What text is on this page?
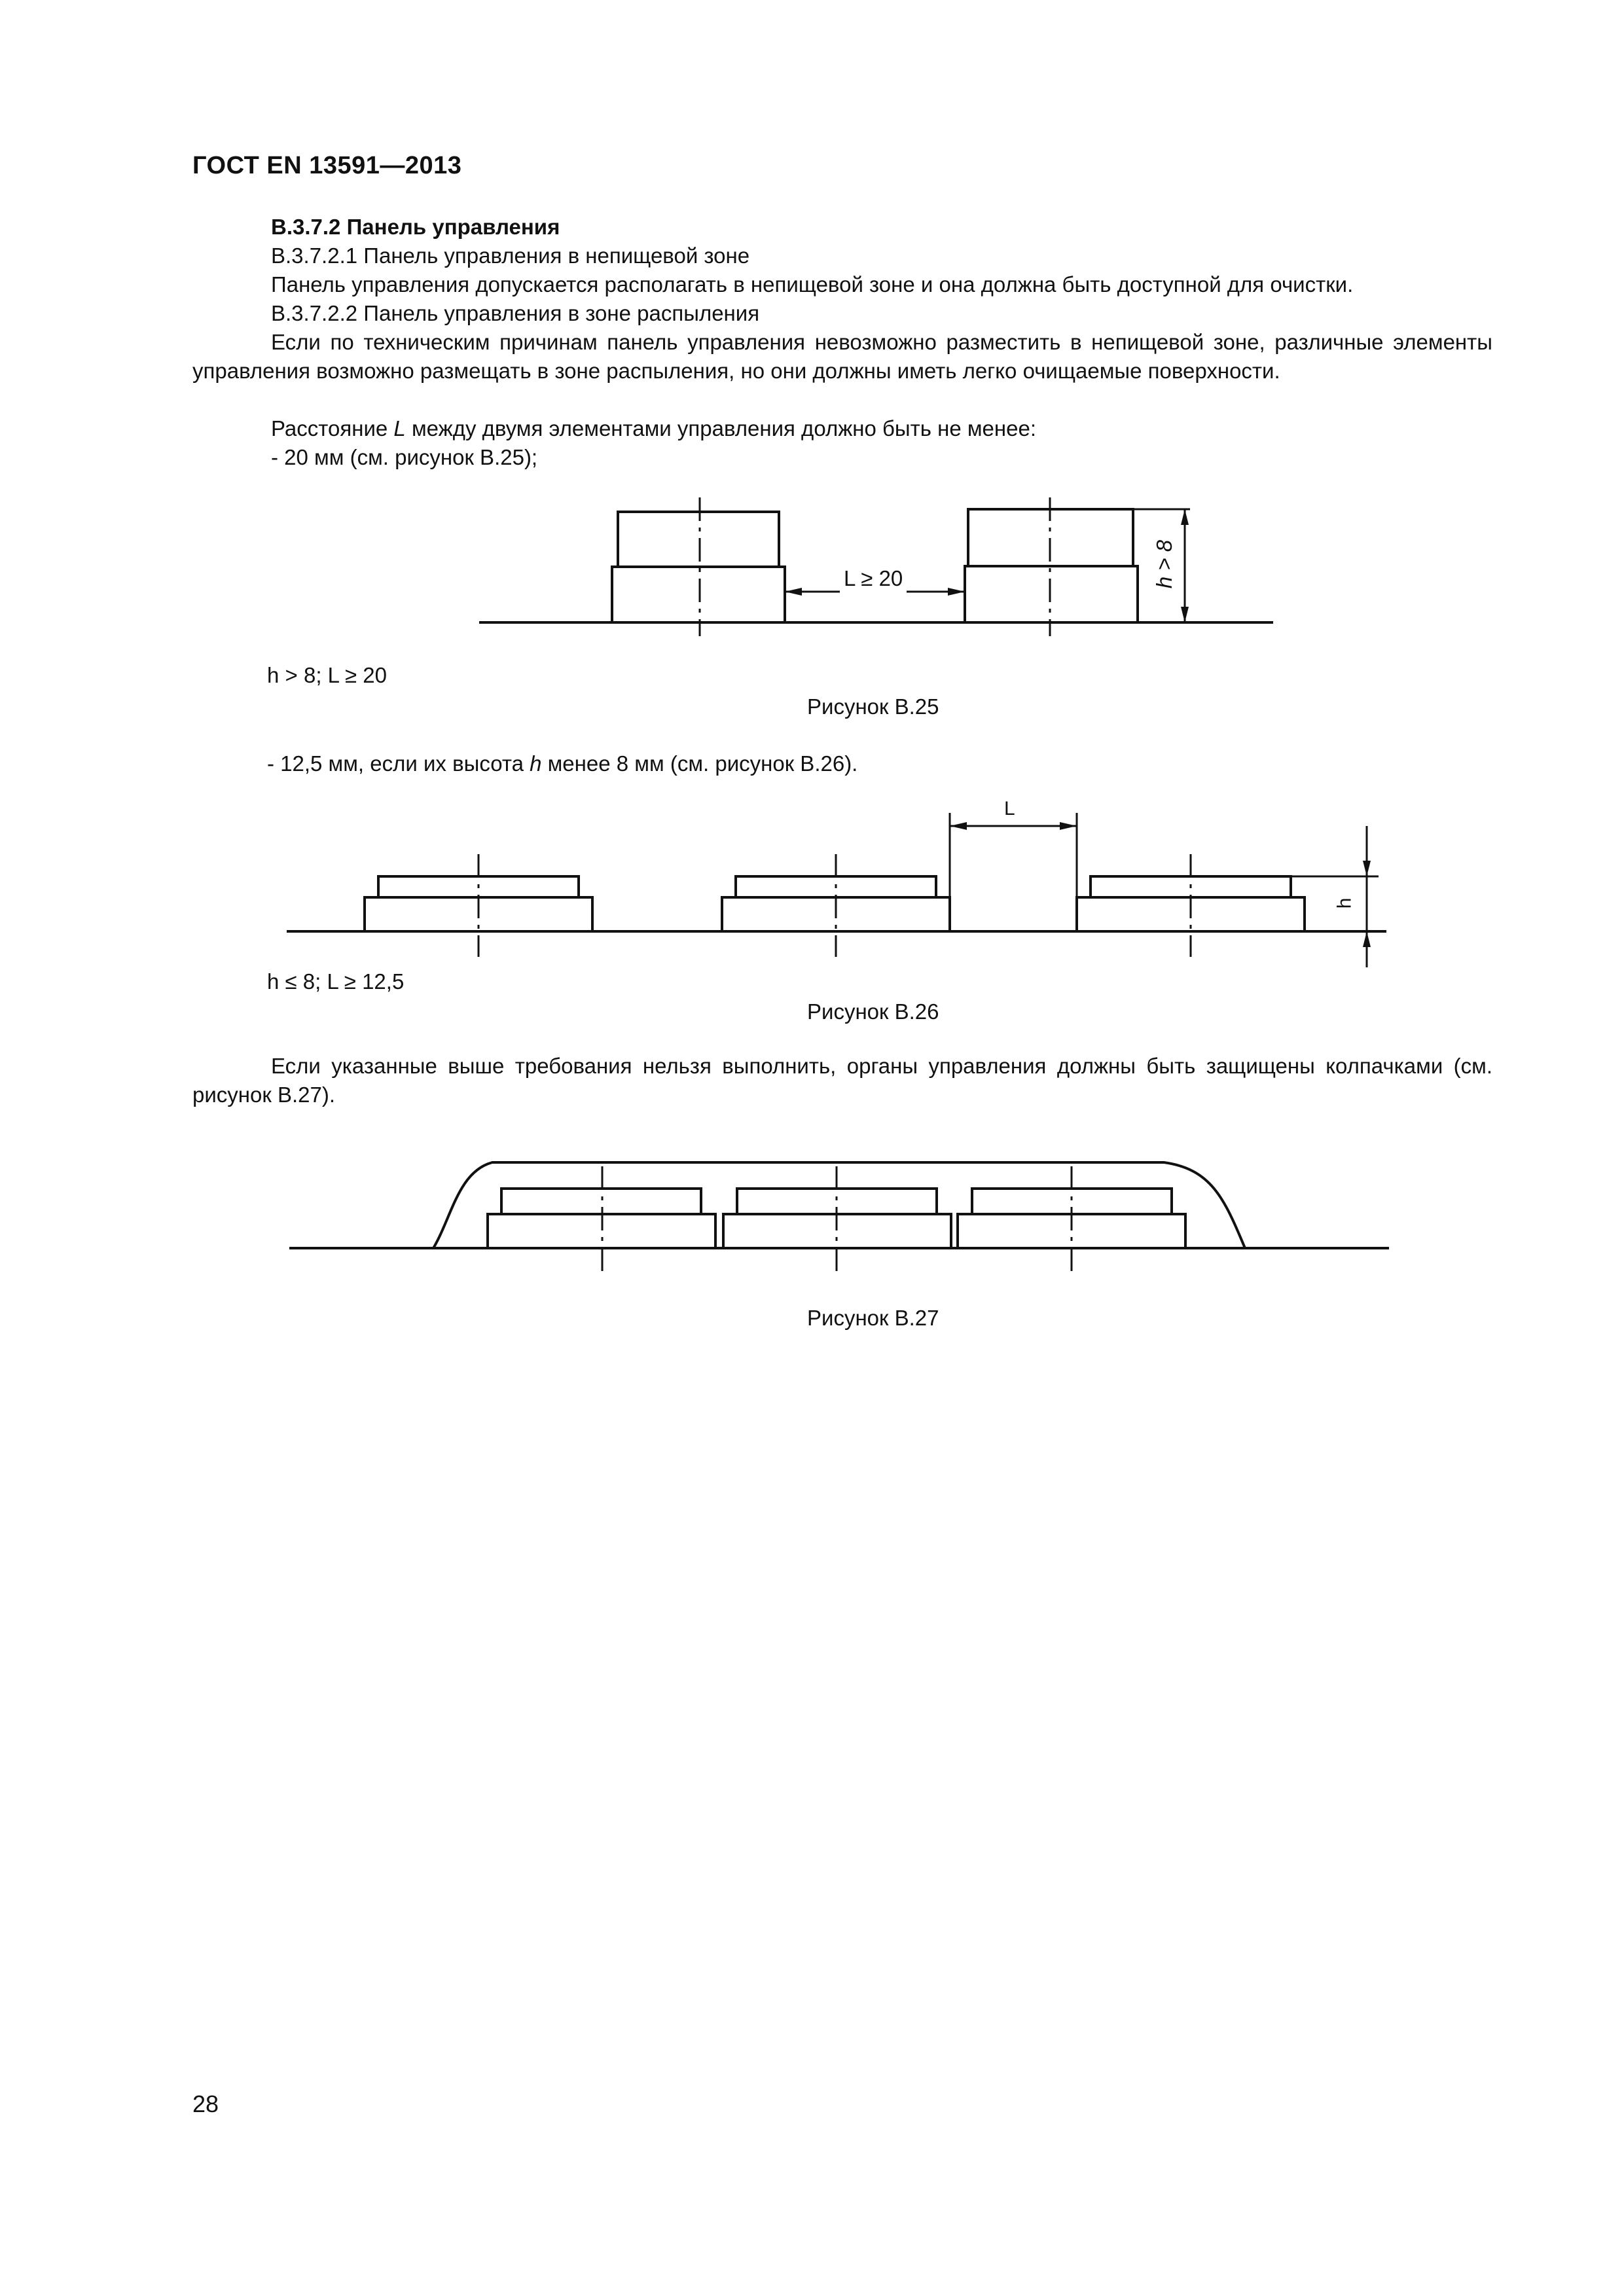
ГОСТ EN 13591—2013
В.3.7.2 Панель управления
В.3.7.2.1 Панель управления в непищевой зоне
Панель управления допускается располагать в непищевой зоне и она должна быть доступной для очистки.
В.3.7.2.2 Панель управления в зоне распыления
Если по техническим причинам панель управления невозможно разместить в непищевой зоне, различные элементы управления возможно размещать в зоне распыления, но они должны иметь легко очищаемые поверхности.
Расстояние L между двумя элементами управления должно быть не менее:
- 20 мм (см. рисунок В.25);
L ≥ 20	h > 8
h > 8; L ≥ 20
Рисунок В.25
- 12,5 мм, если их высота h менее 8 мм (см. рисунок В.26).
L
h
h ≤ 8; L ≥ 12,5
Рисунок В.26
Если указанные выше требования нельзя выполнить, органы управления должны быть защищены колпачками (см. рисунок В.27).
Рисунок В.27
28
